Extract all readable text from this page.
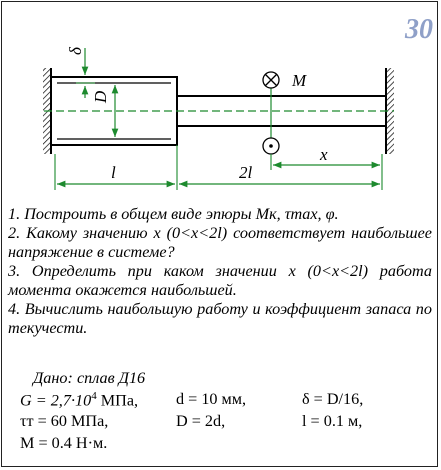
30
D
δ
M
x
l	2l

1. Построить в общем виде эпюры Mк, τmax, φ.

2. Какому значению x (0<x<2l) соответствует наибольшее напряжение в системе?

3. Определить при каком значении x (0<x<2l) работа момента окажется наибольшей.

4. Вычислить наибольшую работу и коэффициент запаса по текучести.

Дано: сплав Д16
$G = 2,7\cdot 10^4$ МПа, d = 10 мм,	δ = D/16,
τт = 60 МПа,	D = 2d,	l = 0.1 м,
M = 0.4 Н·м.
